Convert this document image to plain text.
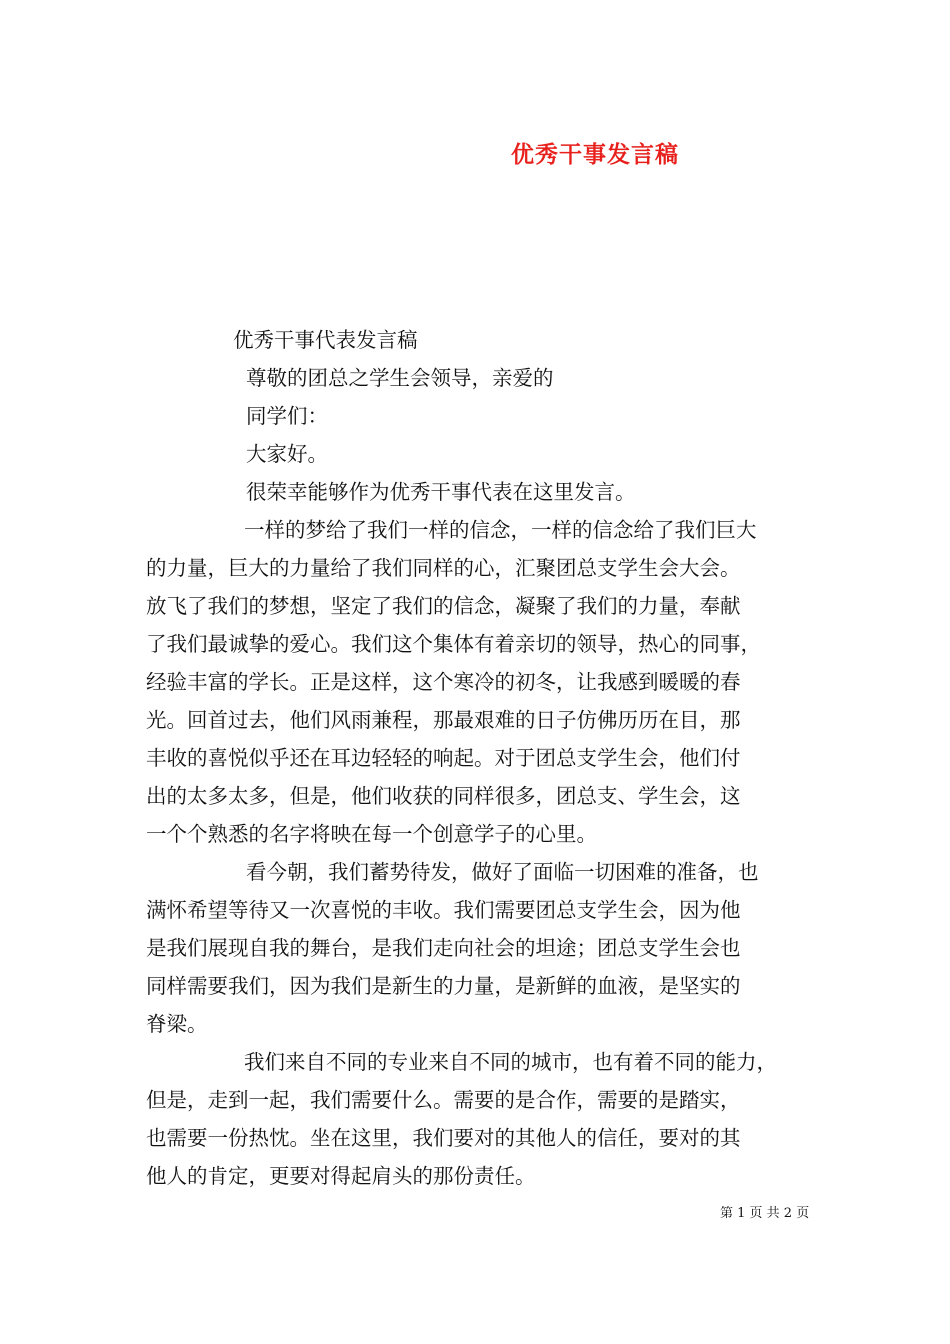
优秀干事发言稿
优秀干事代表发言稿
尊敬的团总之学生会领导，亲爱的
同学们：
大家好。
很荣幸能够作为优秀干事代表在这里发言。
一样的梦给了我们一样的信念，一样的信念给了我们巨大
的力量，巨大的力量给了我们同样的心，汇聚团总支学生会大会。
放飞了我们的梦想，坚定了我们的信念，凝聚了我们的力量，奉献
了我们最诚挚的爱心。我们这个集体有着亲切的领导，热心的同事，
经验丰富的学长。正是这样，这个寒冷的初冬，让我感到暖暖的春
光。回首过去，他们风雨兼程，那最艰难的日子仿佛历历在目，那
丰收的喜悦似乎还在耳边轻轻的响起。对于团总支学生会，他们付
出的太多太多，但是，他们收获的同样很多，团总支、学生会，这
一个个熟悉的名字将映在每一个创意学子的心里。
看今朝，我们蓄势待发，做好了面临一切困难的准备，也
满怀希望等待又一次喜悦的丰收。我们需要团总支学生会，因为他
是我们展现自我的舞台，是我们走向社会的坦途；团总支学生会也
同样需要我们，因为我们是新生的力量，是新鲜的血液，是坚实的
脊梁。
我们来自不同的专业来自不同的城市，也有着不同的能力，
但是，走到一起，我们需要什么。需要的是合作，需要的是踏实，
也需要一份热忱。坐在这里，我们要对的其他人的信任，要对的其
他人的肯定，更要对得起肩头的那份责任。
第 1 页 共 2 页
